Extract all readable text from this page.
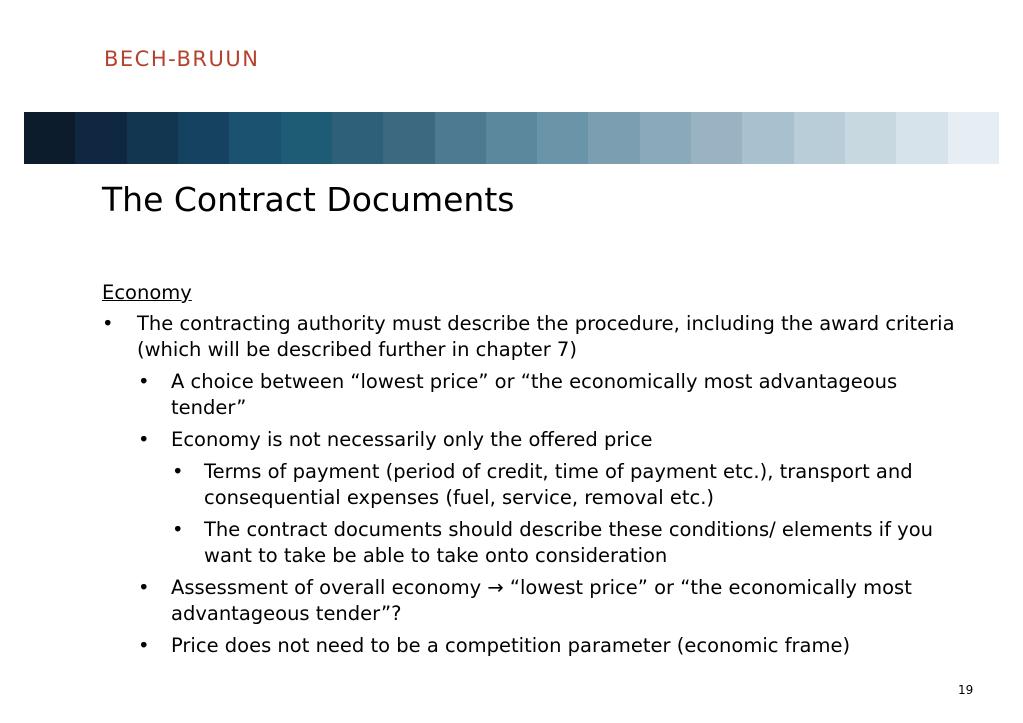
BECH-BRUUN
The Contract Documents
Economy
• The contracting authority must describe the procedure, including the award criteria (which will be described further in chapter 7)
• A choice between “lowest price” or “the economically most advantageous tender”
• Economy is not necessarily only the offered price
• Terms of payment (period of credit, time of payment etc.), transport and consequential expenses (fuel, service, removal etc.)
• The contract documents should describe these conditions/ elements if you want to take be able to take onto consideration
• Assessment of overall economy → “lowest price” or “the economically most advantageous tender”?
• Price does not need to be a competition parameter (economic frame)
19
